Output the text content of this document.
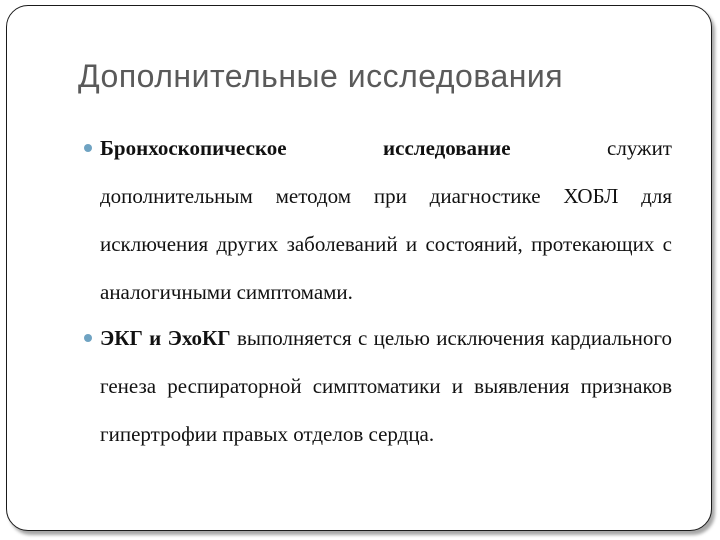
Дополнительные исследования

Бронхоскопическое	исследование	служит
дополнительным методом при диагностике ХОБЛ для исключения других заболеваний и состояний, протекающих с аналогичными симптомами.

ЭКГ и ЭхоКГ выполняется с целью исключения кардиального генеза респираторной симптоматики и выявления признаков гипертрофии правых отделов сердца.
